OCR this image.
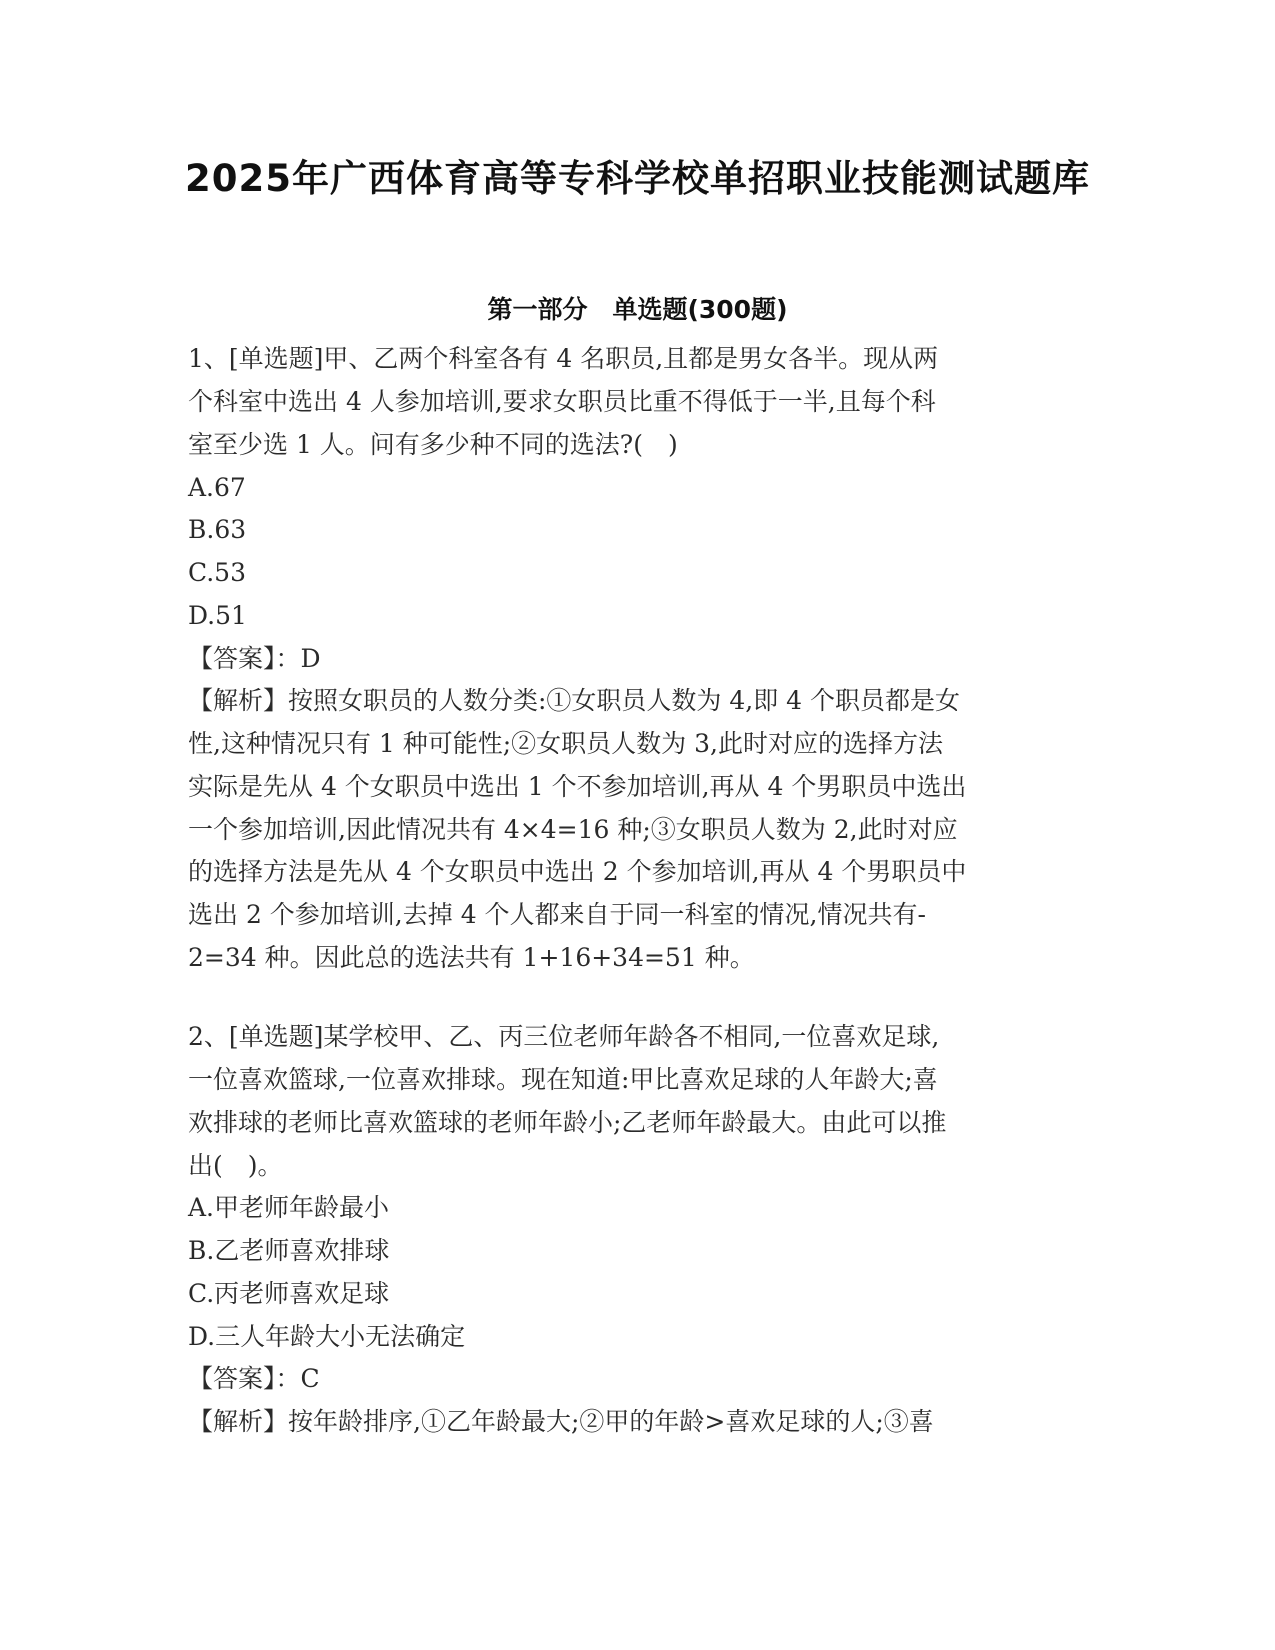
2025年广西体育高等专科学校单招职业技能测试题库
第一部分　单选题(300题)
1、[单选题]甲、乙两个科室各有 4 名职员,且都是男女各半。现从两
个科室中选出 4 人参加培训,要求女职员比重不得低于一半,且每个科
室至少选 1 人。问有多少种不同的选法?(　)
A.67
B.63
C.53
D.51
【答案】：D
【解析】按照女职员的人数分类:①女职员人数为 4,即 4 个职员都是女
性,这种情况只有 1 种可能性;②女职员人数为 3,此时对应的选择方法
实际是先从 4 个女职员中选出 1 个不参加培训,再从 4 个男职员中选出
一个参加培训,因此情况共有 4×4=16 种;③女职员人数为 2,此时对应
的选择方法是先从 4 个女职员中选出 2 个参加培训,再从 4 个男职员中
选出 2 个参加培训,去掉 4 个人都来自于同一科室的情况,情况共有-
2=34 种。因此总的选法共有 1+16+34=51 种。
2、[单选题]某学校甲、乙、丙三位老师年龄各不相同,一位喜欢足球,
一位喜欢篮球,一位喜欢排球。现在知道:甲比喜欢足球的人年龄大;喜
欢排球的老师比喜欢篮球的老师年龄小;乙老师年龄最大。由此可以推
出(　)。
A.甲老师年龄最小
B.乙老师喜欢排球
C.丙老师喜欢足球
D.三人年龄大小无法确定
【答案】：C
【解析】按年龄排序,①乙年龄最大;②甲的年龄>喜欢足球的人;③喜
